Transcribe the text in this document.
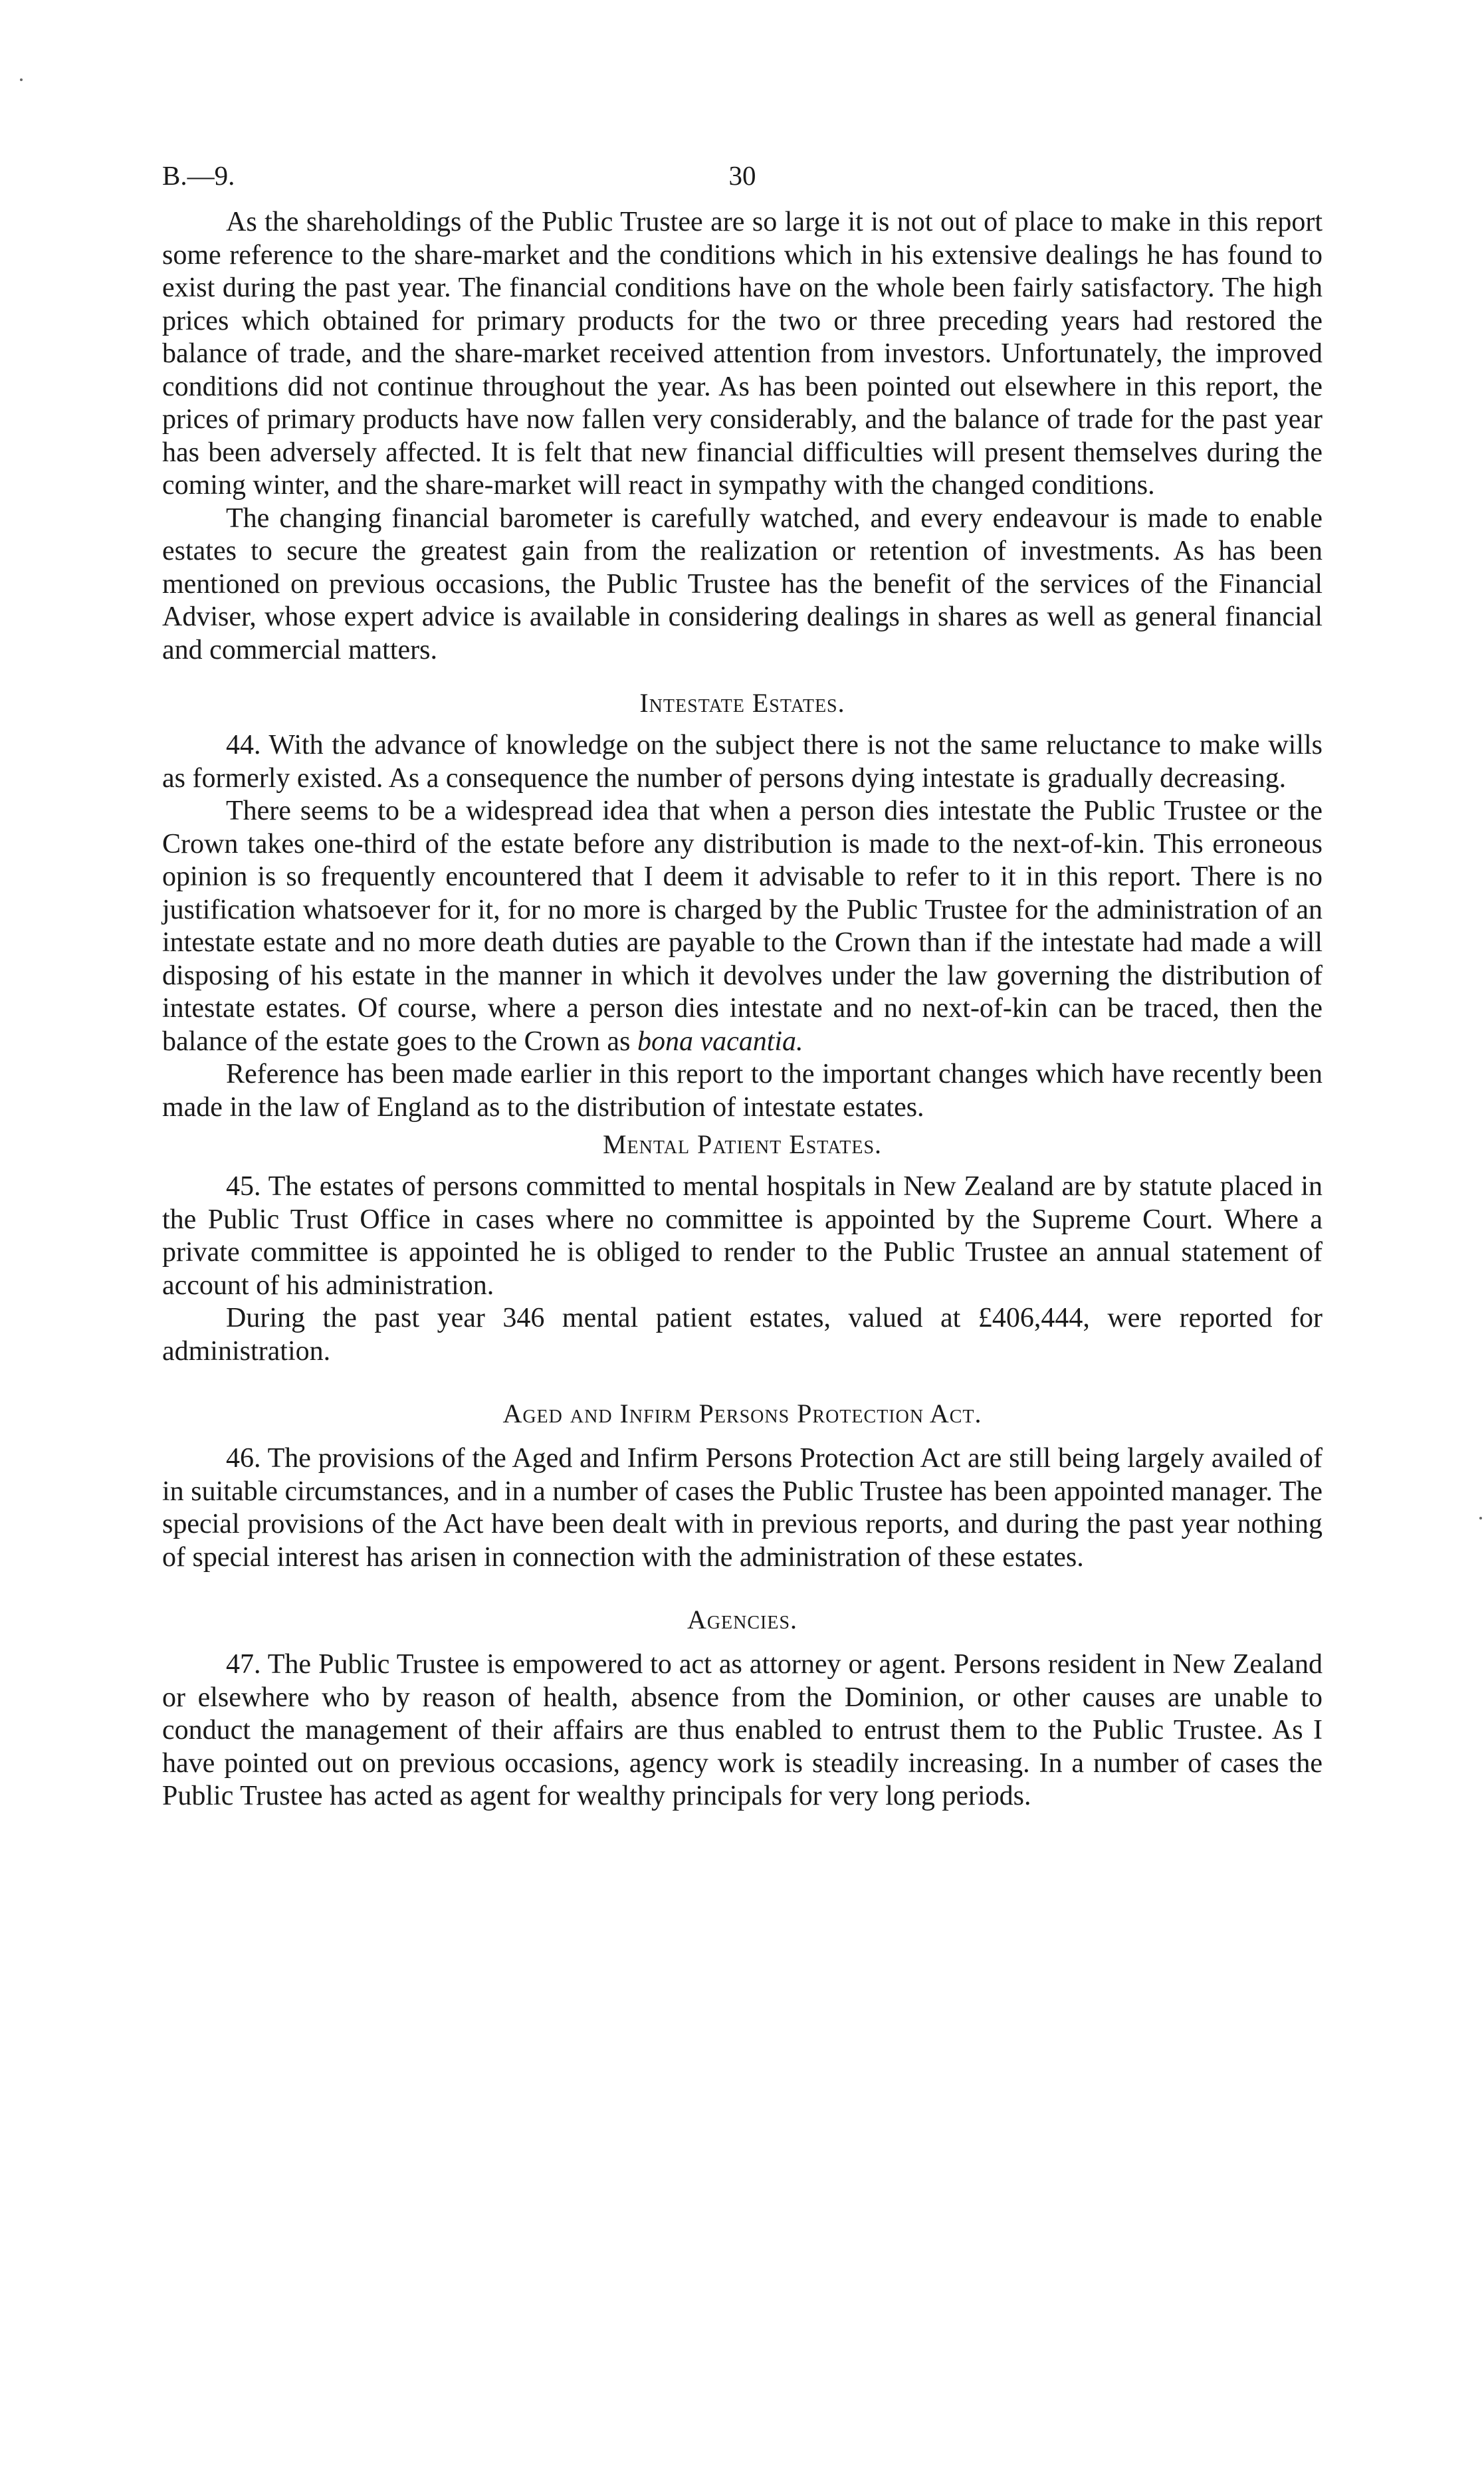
B.—9.	30

As the shareholdings of the Public Trustee are so large it is not out of place to make in this report some reference to the share-market and the conditions which in his extensive dealings he has found to exist during the past year. The financial conditions have on the whole been fairly satisfactory. The high prices which obtained for primary products for the two or three preceding years had restored the balance of trade, and the share-market received attention from investors. Unfortunately, the improved conditions did not continue throughout the year. As has been pointed out elsewhere in this report, the prices of primary products have now fallen very considerably, and the balance of trade for the past year has been adversely affected. It is felt that new financial difficulties will present themselves during the coming winter, and the share-market will react in sympathy with the changed conditions.

The changing financial barometer is carefully watched, and every endeavour is made to enable estates to secure the greatest gain from the realization or retention of investments. As has been mentioned on previous occasions, the Public Trustee has the benefit of the services of the Financial Adviser, whose expert advice is available in considering dealings in shares as well as general financial and commercial matters.

Intestate Estates.

44. With the advance of knowledge on the subject there is not the same reluctance to make wills as formerly existed. As a consequence the number of persons dying intestate is gradually decreasing.

There seems to be a widespread idea that when a person dies intestate the Public Trustee or the Crown takes one-third of the estate before any distribution is made to the next-of-kin. This erroneous opinion is so frequently encountered that I deem it advisable to refer to it in this report. There is no justification whatsoever for it, for no more is charged by the Public Trustee for the administration of an intestate estate and no more death duties are payable to the Crown than if the intestate had made a will disposing of his estate in the manner in which it devolves under the law governing the distribution of intestate estates. Of course, where a person dies intestate and no next-of-kin can be traced, then the balance of the estate goes to the Crown as bona vacantia.

Reference has been made earlier in this report to the important changes which have recently been made in the law of England as to the distribution of intestate estates.

Mental Patient Estates.

45. The estates of persons committed to mental hospitals in New Zealand are by statute placed in the Public Trust Office in cases where no committee is appointed by the Supreme Court. Where a private committee is appointed he is obliged to render to the Public Trustee an annual statement of account of his administration.

During the past year 346 mental patient estates, valued at £406,444, were reported for administration.

Aged and Infirm Persons Protection Act.

46. The provisions of the Aged and Infirm Persons Protection Act are still being largely availed of in suitable circumstances, and in a number of cases the Public Trustee has been appointed manager. The special provisions of the Act have been dealt with in previous reports, and during the past year nothing of special interest has arisen in connection with the administration of these estates.

Agencies.

47. The Public Trustee is empowered to act as attorney or agent. Persons resident in New Zealand or elsewhere who by reason of health, absence from the Dominion, or other causes are unable to conduct the management of their affairs are thus enabled to entrust them to the Public Trustee. As I have pointed out on previous occasions, agency work is steadily increasing. In a number of cases the Public Trustee has acted as agent for wealthy principals for very long periods.
